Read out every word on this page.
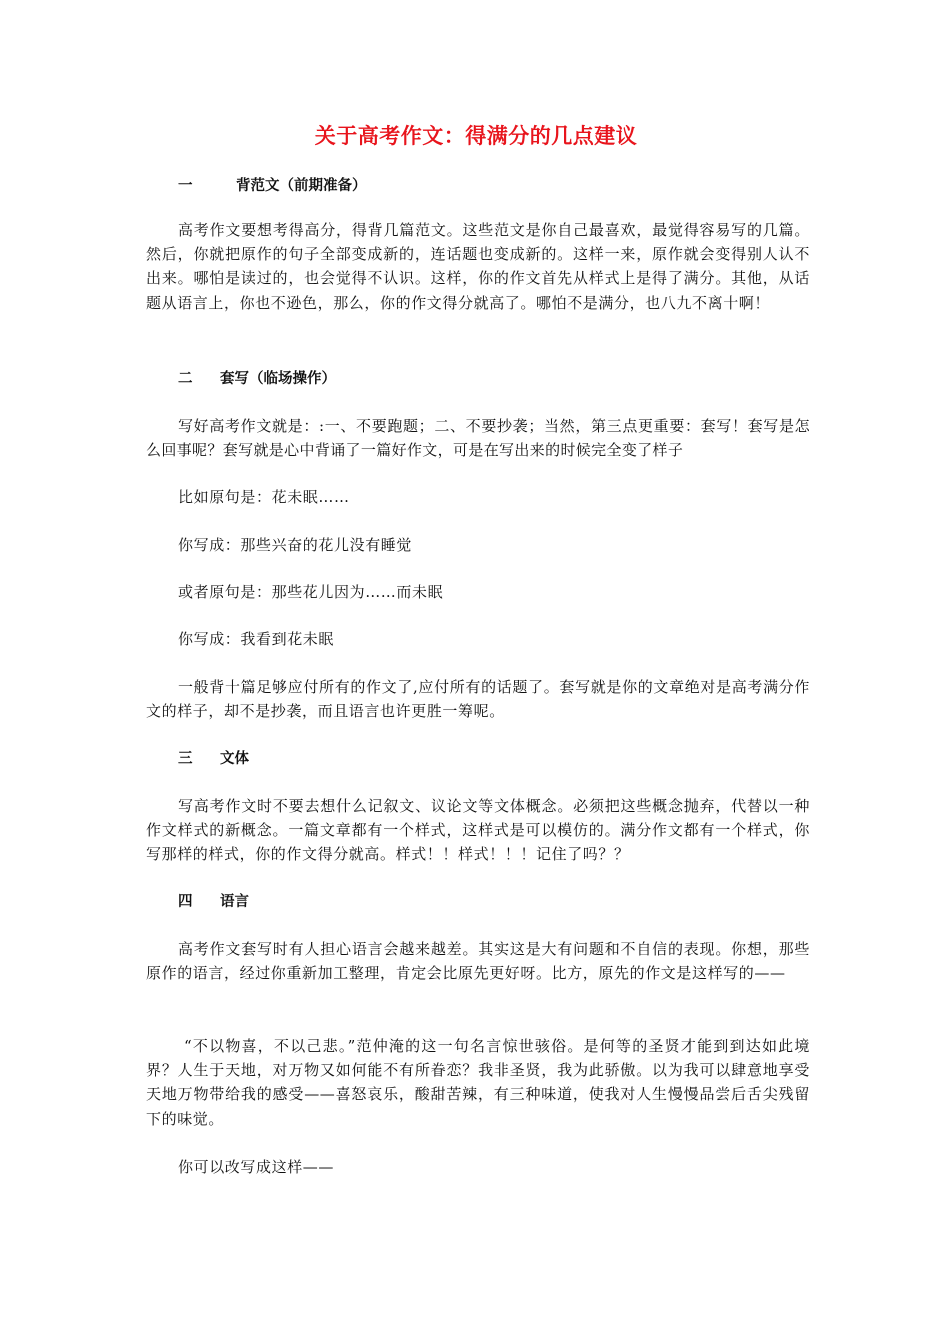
关于高考作文：得满分的几点建议
一	背范文（前期准备）

高考作文要想考得高分，得背几篇范文。这些范文是你自己最喜欢，最觉得容易写的几篇。然后，你就把原作的句子全部变成新的，连话题也变成新的。这样一来，原作就会变得别人认不出来。哪怕是读过的，也会觉得不认识。这样，你的作文首先从样式上是得了满分。其他，从话题从语言上，你也不逊色，那么，你的作文得分就高了。哪怕不是满分，也八九不离十啊！

二 套写（临场操作）

写好高考作文就是：:一、不要跑题；二、不要抄袭；当然，第三点更重要：套写！套写是怎么回事呢？套写就是心中背诵了一篇好作文，可是在写出来的时候完全变了样子

比如原句是：花未眠……

你写成：那些兴奋的花儿没有睡觉

或者原句是：那些花儿因为……而未眠

你写成：我看到花未眠

一般背十篇足够应付所有的作文了,应付所有的话题了。套写就是你的文章绝对是高考满分作文的样子，却不是抄袭，而且语言也许更胜一筹呢。

三 文体

写高考作文时不要去想什么记叙文、议论文等文体概念。必须把这些概念抛弃，代替以一种作文样式的新概念。一篇文章都有一个样式，这样式是可以模仿的。满分作文都有一个样式，你写那样的样式，你的作文得分就高。样式！！样式！！！记住了吗？？

四 语言

高考作文套写时有人担心语言会越来越差。其实这是大有问题和不自信的表现。你想，那些原作的语言，经过你重新加工整理，肯定会比原先更好呀。比方，原先的作文是这样写的——

“不以物喜，不以己悲。”范仲淹的这一句名言惊世骇俗。是何等的圣贤才能到到达如此境界？人生于天地，对万物又如何能不有所眷恋？我非圣贤，我为此骄傲。以为我可以肆意地享受天地万物带给我的感受——喜怒哀乐，酸甜苦辣，有三种味道，使我对人生慢慢品尝后舌尖残留下的味觉。

你可以改写成这样——
